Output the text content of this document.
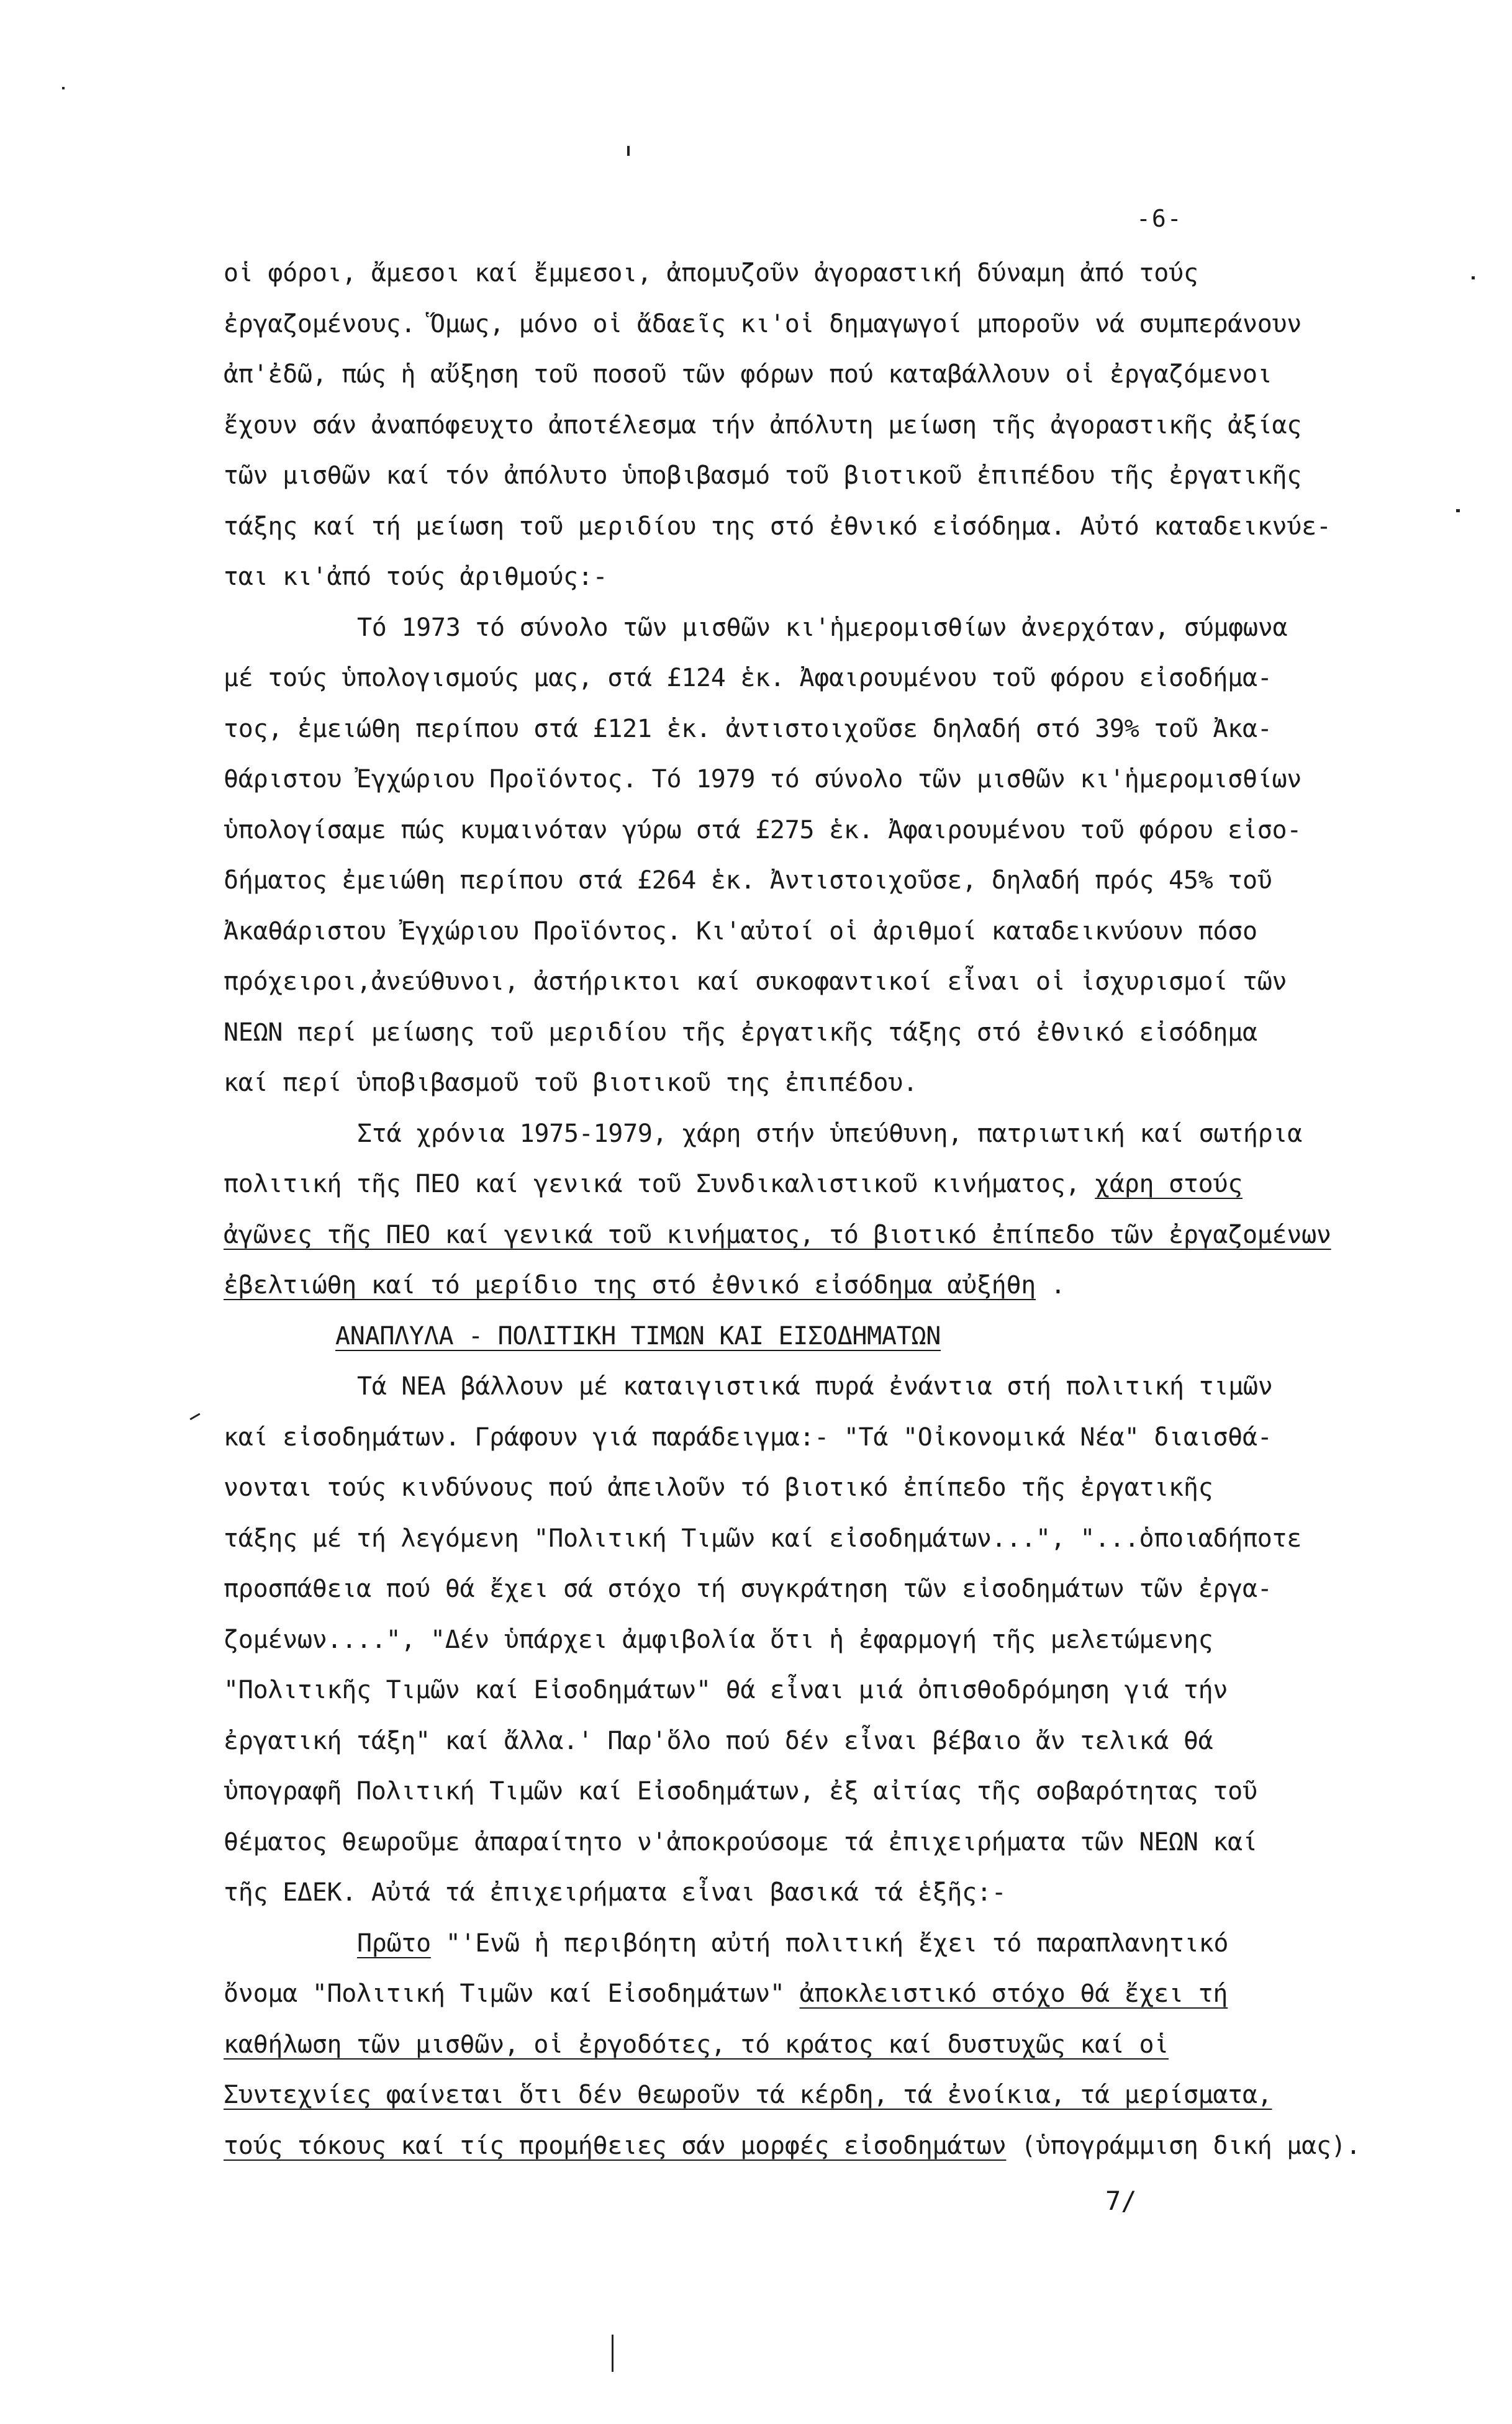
-6-
οἱ φόροι, ἄμεσοι καί ἔμμεσοι, ἀπομυζοῦν ἀγοραστική δύναμη ἀπό τούς
ἐργαζομένους. Ὅμως, μόνο οἱ ἄδαεῖς κι'οἱ δημαγωγοί μποροῦν νά συμπεράνουν
ἀπ'ἐδῶ, πώς ἡ αὔξηση τοῦ ποσοῦ τῶν φόρων πού καταβάλλουν οἱ ἐργαζόμενοι
ἔχουν σάν ἀναπόφευχτο ἀποτέλεσμα τήν ἀπόλυτη μείωση τῆς ἀγοραστικῆς ἀξίας
τῶν μισθῶν καί τόν ἀπόλυτο ὑποβιβασμό τοῦ βιοτικοῦ ἐπιπέδου τῆς ἐργατικῆς
τάξης καί τή μείωση τοῦ μεριδίου της στό ἐθνικό εἰσόδημα. Αὐτό καταδεικνύε-
ται κι'ἀπό τούς ἀριθμούς:-
Τό 1973 τό σύνολο τῶν μισθῶν κι'ἡμερομισθίων ἀνερχόταν, σύμφωνα
μέ τούς ὑπολογισμούς μας, στά £124 ἑκ. Ἀφαιρουμένου τοῦ φόρου εἰσοδήμα-
τος, ἐμειώθη περίπου στά £121 ἑκ. ἀντιστοιχοῦσε δηλαδή στό 39% τοῦ Ἀκα-
θάριστου Ἐγχώριου Προϊόντος. Τό 1979 τό σύνολο τῶν μισθῶν κι'ἡμερομισθίων
ὑπολογίσαμε πώς κυμαινόταν γύρω στά £275 ἑκ. Ἀφαιρουμένου τοῦ φόρου εἰσο-
δήματος ἐμειώθη περίπου στά £264 ἑκ. Ἀντιστοιχοῦσε, δηλαδή πρός 45% τοῦ
Ἀκαθάριστου Ἐγχώριου Προϊόντος. Κι'αὐτοί οἱ ἀριθμοί καταδεικνύουν πόσο
πρόχειροι,ἀνεύθυνοι, ἀστήρικτοι καί συκοφαντικοί εἶναι οἱ ἰσχυρισμοί τῶν
ΝΕΩΝ περί μείωσης τοῦ μεριδίου τῆς ἐργατικῆς τάξης στό ἐθνικό εἰσόδημα
καί περί ὑποβιβασμοῦ τοῦ βιοτικοῦ της ἐπιπέδου.
Στά χρόνια 1975-1979, χάρη στήν ὑπεύθυνη, πατριωτική καί σωτήρια
πολιτική τῆς ΠΕΟ καί γενικά τοῦ Συνδικαλιστικοῦ κινήματος, χάρη στούς
ἀγῶνες τῆς ΠΕΟ καί γενικά τοῦ κινήματος, τό βιοτικό ἐπίπεδο τῶν ἐργαζομένων
ἐβελτιώθη καί τό μερίδιο της στό ἐθνικό εἰσόδημα αὐξήθη .
ΑΝΑΠΛΥΛΑ - ΠΟΛΙΤΙΚΗ ΤΙΜΩΝ ΚΑΙ ΕΙΣΟΔΗΜΑΤΩΝ
Τά ΝΕΑ βάλλουν μέ καταιγιστικά πυρά ἐνάντια στή πολιτική τιμῶν
καί εἰσοδημάτων. Γράφουν γιά παράδειγμα:- "Τά "Οἰκονομικά Νέα" διαισθά-
νονται τούς κινδύνους πού ἀπειλοῦν τό βιοτικό ἐπίπεδο τῆς ἐργατικῆς
τάξης μέ τή λεγόμενη "Πολιτική Τιμῶν καί εἰσοδημάτων...", "...ὁποιαδήποτε
προσπάθεια πού θά ἔχει σά στόχο τή συγκράτηση τῶν εἰσοδημάτων τῶν ἐργα-
ζομένων....", "Δέν ὑπάρχει ἀμφιβολία ὅτι ἡ ἐφαρμογή τῆς μελετώμενης
"Πολιτικῆς Τιμῶν καί Εἰσοδημάτων" θά εἶναι μιά ὀπισθοδρόμηση γιά τήν
ἐργατική τάξη" καί ἄλλα.' Παρ'ὅλο πού δέν εἶναι βέβαιο ἄν τελικά θά
ὑπογραφῆ Πολιτική Τιμῶν καί Εἰσοδημάτων, ἐξ αἰτίας τῆς σοβαρότητας τοῦ
θέματος θεωροῦμε ἀπαραίτητο ν'ἀποκρούσομε τά ἐπιχειρήματα τῶν ΝΕΩΝ καί
τῆς ΕΔΕΚ. Αὐτά τά ἐπιχειρήματα εἶναι βασικά τά ἑξῆς:-
Πρῶτο "'Ενῶ ἡ περιβόητη αὐτή πολιτική ἔχει τό παραπλανητικό
ὄνομα "Πολιτική Τιμῶν καί Εἰσοδημάτων" ἀποκλειστικό στόχο θά ἔχει τή
καθήλωση τῶν μισθῶν, οἱ ἐργοδότες, τό κράτος καί δυστυχῶς καί οἱ
Συντεχνίες φαίνεται ὅτι δέν θεωροῦν τά κέρδη, τά ἐνοίκια, τά μερίσματα,
τούς τόκους καί τίς προμήθειες σάν μορφές εἰσοδημάτων (ὑπογράμμιση δική μας).
7/
